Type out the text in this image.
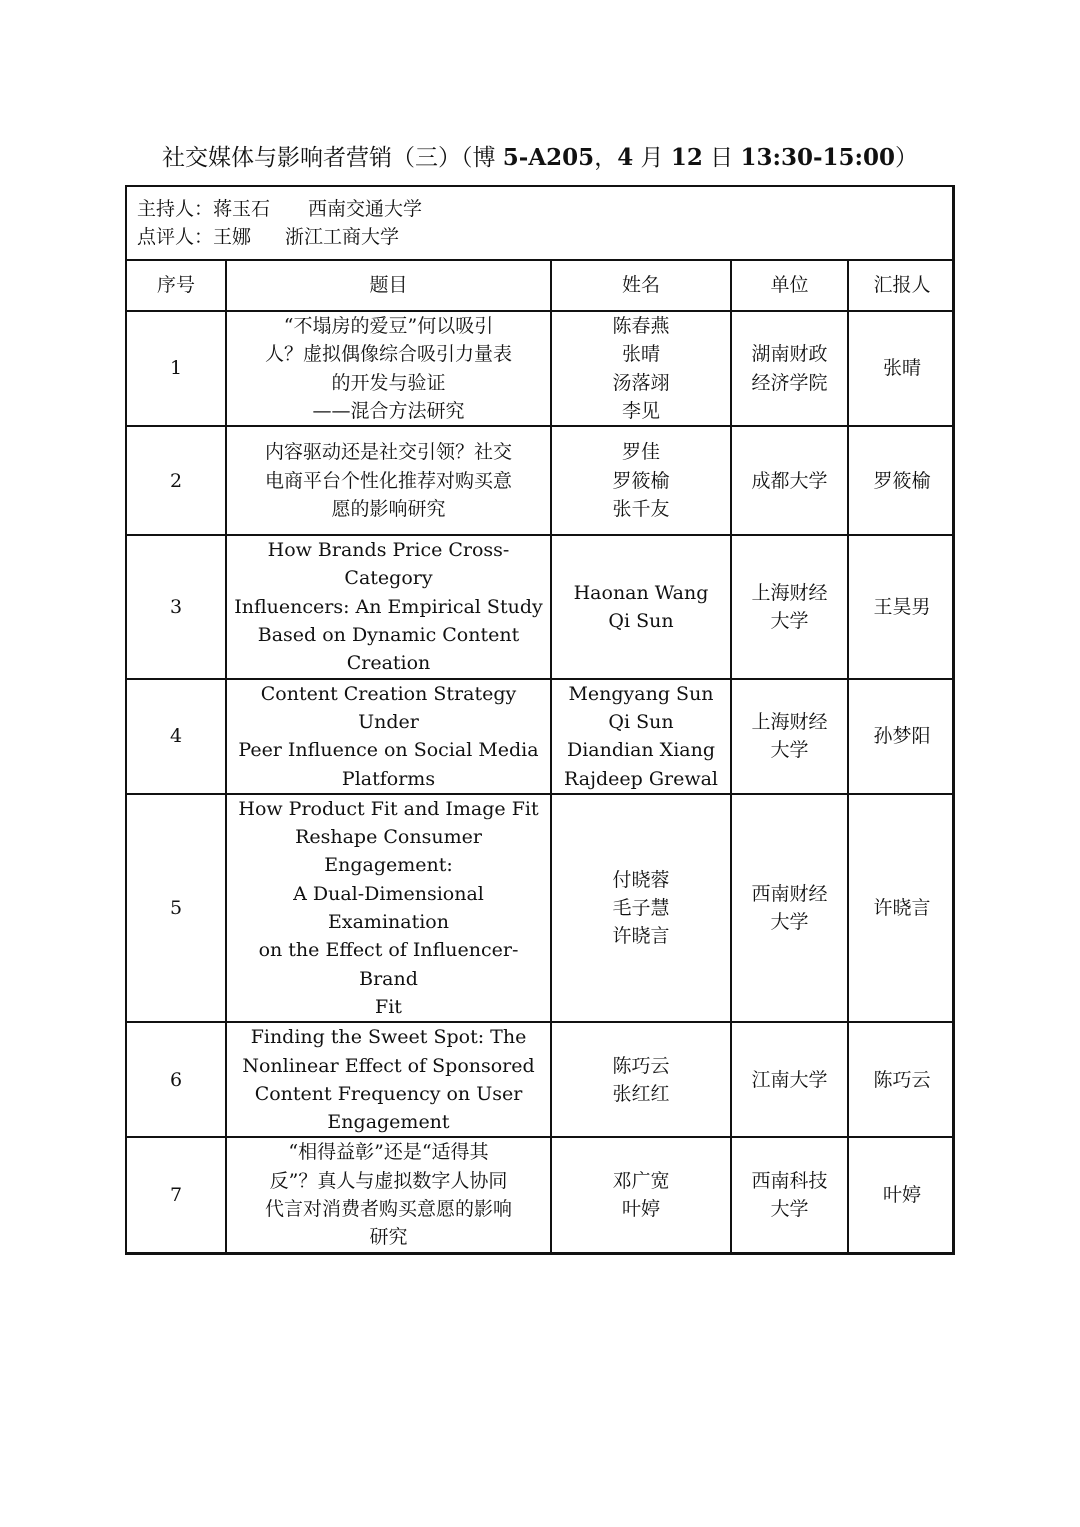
社交媒体与影响者营销（三）（博 5-A205，4 月 12 日 13:30-15:00）
主持人：蒋玉石 西南交通大学
点评人：王娜 浙江工商大学
序号	题目	姓名	单位	汇报人
1	“不塌房的爱豆”何以吸引
人？虚拟偶像综合吸引力量表
的开发与验证
——混合方法研究	陈春燕
张晴
汤落翊
李见	湖南财政
经济学院	张晴
2	内容驱动还是社交引领？社交
电商平台个性化推荐对购买意
愿的影响研究	罗佳
罗筱榆
张千友	成都大学	罗筱榆
3	How Brands Price Cross-Category
Influencers: An Empirical Study
Based on Dynamic Content
Creation	Haonan Wang
Qi Sun	上海财经
大学	王昊男
4	Content Creation Strategy Under
Peer Influence on Social Media
Platforms	Mengyang Sun
Qi Sun
Diandian Xiang
Rajdeep Grewal	上海财经
大学	孙梦阳
5	How Product Fit and Image Fit
Reshape Consumer Engagement:
A Dual-Dimensional Examination
on the Effect of Influencer-Brand
Fit	付晓蓉
毛子慧
许晓言	西南财经
大学	许晓言
6	Finding the Sweet Spot: The
Nonlinear Effect of Sponsored
Content Frequency on User
Engagement	陈巧云
张红红	江南大学	陈巧云
7	“相得益彰”还是“适得其
反”？真人与虚拟数字人协同
代言对消费者购买意愿的影响
研究	邓广宽
叶婷	西南科技
大学	叶婷
